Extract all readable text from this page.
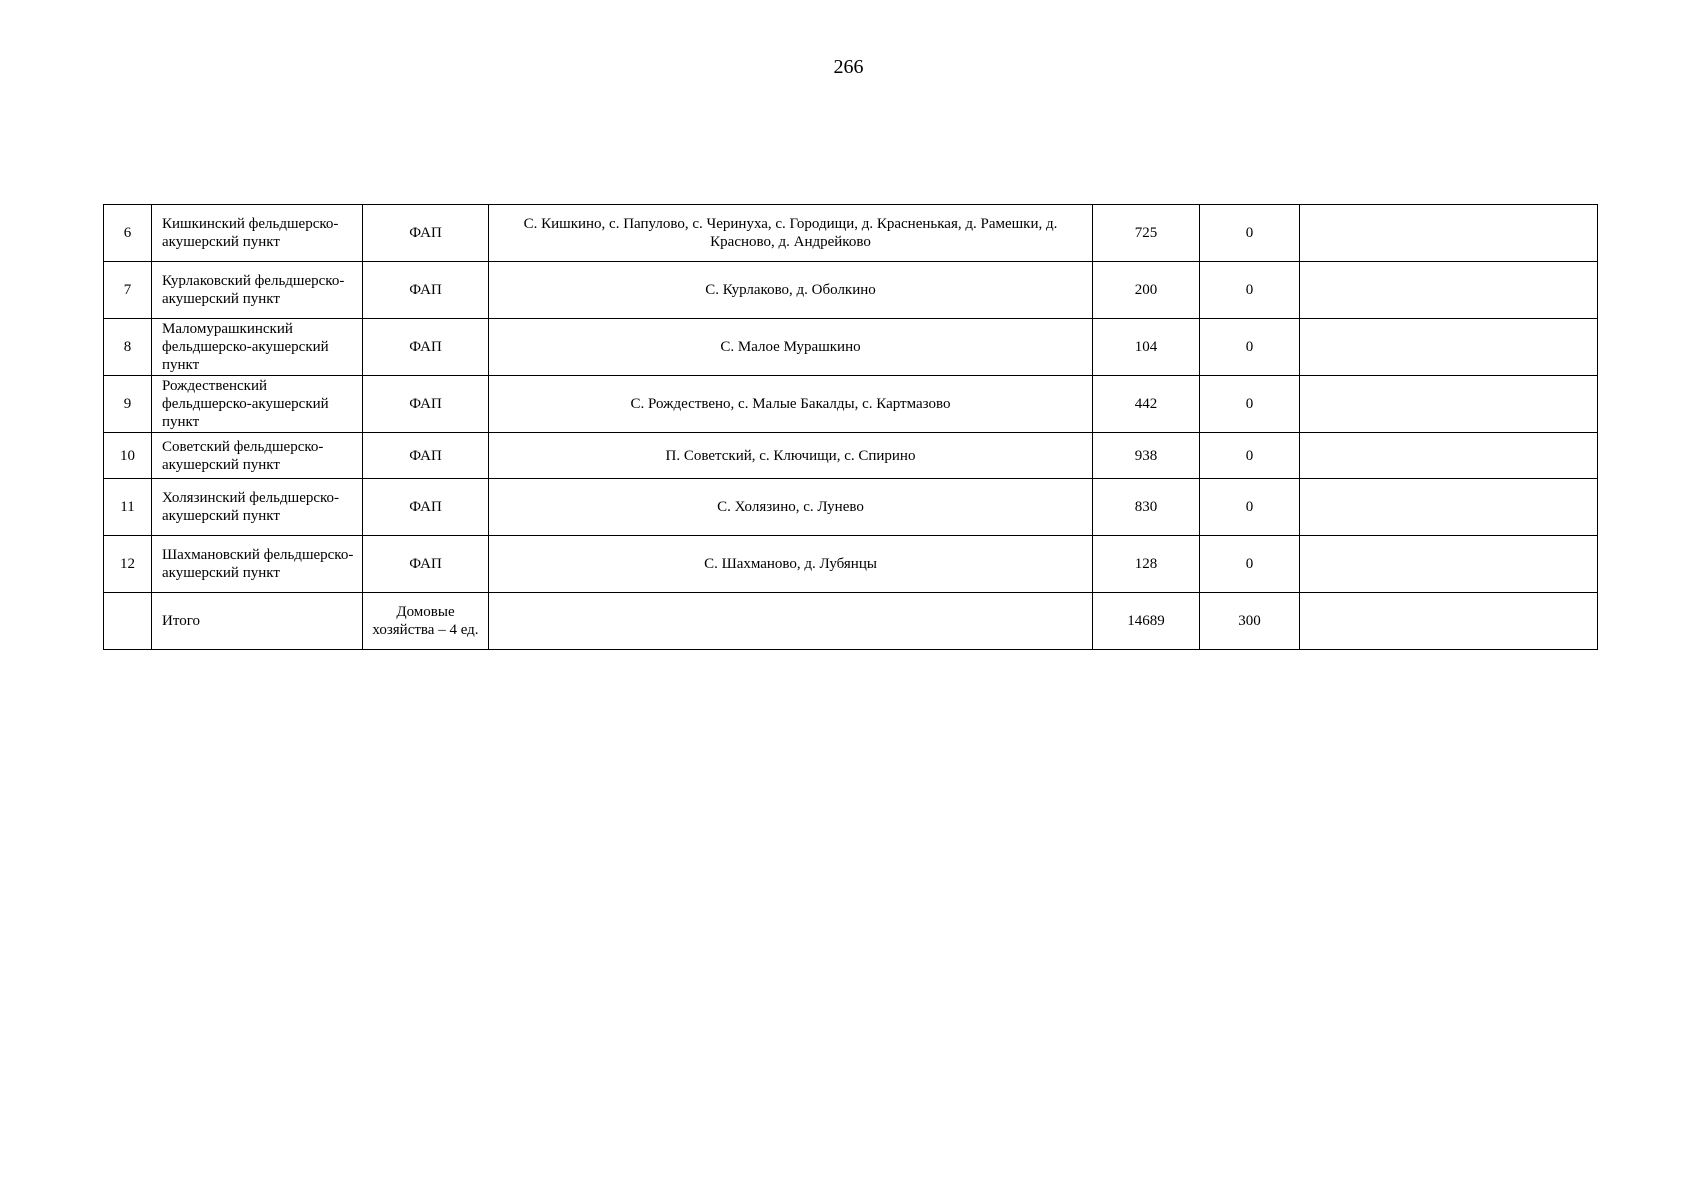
266
6	Кишкинский фельдшерско-акушерский пункт	ФАП	С. Кишкино, с. Папулово, с. Черинуха, с. Городищи, д. Красненькая, д. Рамешки, д. Красново, д. Андрейково	725	0	
7	Курлаковский фельдшерско-акушерский пункт	ФАП	С. Курлаково, д. Оболкино	200	0	
8	Маломурашкинский фельдшерско-акушерский пункт	ФАП	С. Малое Мурашкино	104	0	
9	Рождественский фельдшерско-акушерский пункт	ФАП	С. Рождествено, с. Малые Бакалды, с. Картмазово	442	0	
10	Советский фельдшерско-акушерский пункт	ФАП	П. Советский, с. Ключищи, с. Спирино	938	0	
11	Холязинский фельдшерско-акушерский пункт	ФАП	С. Холязино, с. Лунево	830	0	
12	Шахмановский фельдшерско-акушерский пункт	ФАП	С. Шахманово, д. Лубянцы	128	0	
	Итого	Домовые хозяйства – 4 ед.		14689	300	
